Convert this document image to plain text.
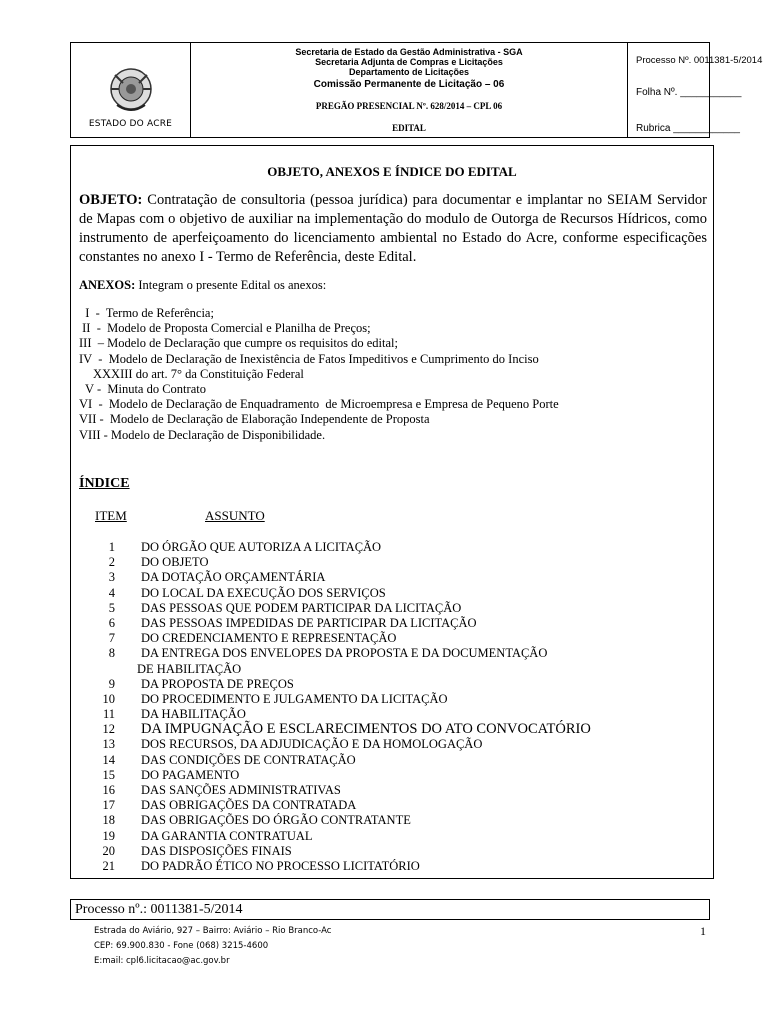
ESTADO DO ACRE
Secretaria de Estado da Gestão Administrativa - SGA
Secretaria Adjunta de Compras e Licitações
Departamento de Licitações
Comissão Permanente de Licitação – 06
PREGÃO PRESENCIAL Nº. 628/2014 – CPL 06
EDITAL
Processo Nº. 0011381-5/2014
Folha Nº. ___________
Rubrica ____________
OBJETO, ANEXOS E ÍNDICE DO EDITAL
OBJETO: Contratação de consultoria (pessoa jurídica) para documentar e implantar no SEIAM Servidor de Mapas com o objetivo de auxiliar na implementação do modulo de Outorga de Recursos Hídricos, como instrumento de aperfeiçoamento do licenciamento ambiental no Estado do Acre, conforme especificações constantes no anexo I - Termo de Referência, deste Edital.
ANEXOS: Integram o presente Edital os anexos:
I  -  Termo de Referência;
II  -  Modelo de Proposta Comercial e Planilha de Preços;
III  – Modelo de Declaração que cumpre os requisitos do edital;
IV  -  Modelo de Declaração de Inexistência de Fatos Impeditivos e Cumprimento do Inciso
XXXIII do art. 7° da Constituição Federal
V -  Minuta do Contrato
VI  -  Modelo de Declaração de Enquadramento  de Microempresa e Empresa de Pequeno Porte
VII -  Modelo de Declaração de Elaboração Independente de Proposta
VIII - Modelo de Declaração de Disponibilidade.
ÍNDICE
ITEM	ASSUNTO
1 DO ÓRGÃO QUE AUTORIZA A LICITAÇÃO
2 DO OBJETO
3 DA DOTAÇÃO ORÇAMENTÁRIA
4 DO LOCAL DA EXECUÇÃO DOS SERVIÇOS
5 DAS PESSOAS QUE PODEM PARTICIPAR DA LICITAÇÃO
6 DAS PESSOAS IMPEDIDAS DE PARTICIPAR DA LICITAÇÃO
7 DO CREDENCIAMENTO E REPRESENTAÇÃO
8 DA ENTREGA DOS ENVELOPES DA PROPOSTA E DA DOCUMENTAÇÃO
DE HABILITAÇÃO
9 DA PROPOSTA DE PREÇOS
10 DO PROCEDIMENTO E JULGAMENTO DA LICITAÇÃO
11 DA HABILITAÇÃO
12 DA IMPUGNAÇÃO E ESCLARECIMENTOS DO ATO CONVOCATÓRIO
13 DOS RECURSOS, DA ADJUDICAÇÃO E DA HOMOLOGAÇÃO
14 DAS CONDIÇÕES DE CONTRATAÇÃO
15 DO PAGAMENTO
16 DAS SANÇÕES ADMINISTRATIVAS
17 DAS OBRIGAÇÕES DA CONTRATADA
18 DAS OBRIGAÇÕES DO ÓRGÃO CONTRATANTE
19 DA GARANTIA CONTRATUAL
20 DAS DISPOSIÇÕES FINAIS
21 DO PADRÃO ÉTICO NO PROCESSO LICITATÓRIO
Processo nº.: 0011381-5/2014
Estrada do Aviário, 927 – Bairro: Aviário – Rio Branco-Ac
CEP: 69.900.830 - Fone (068) 3215-4600
E:mail: cpl6.licitacao@ac.gov.br
1
